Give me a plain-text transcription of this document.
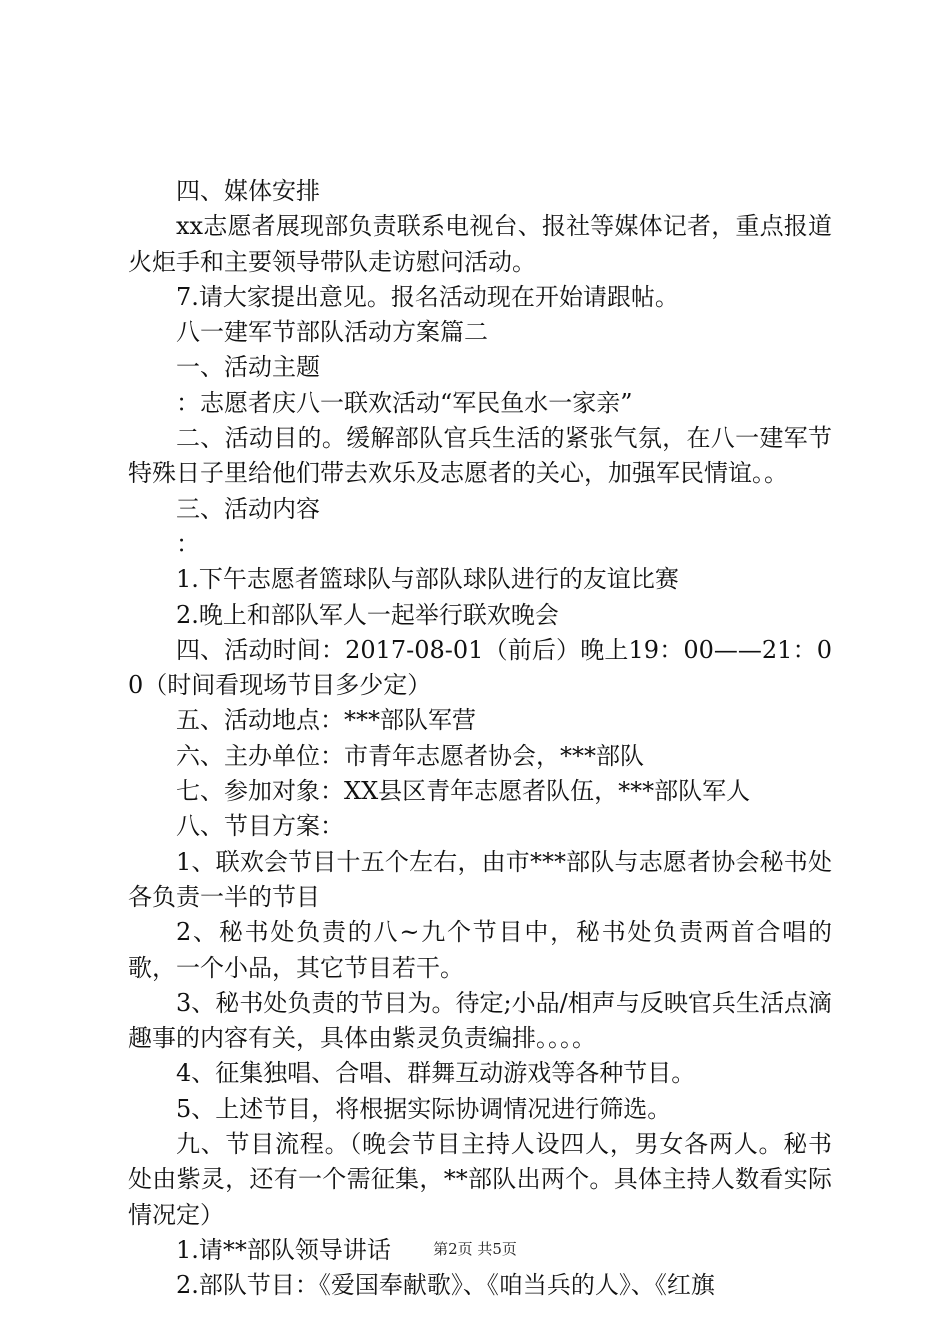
四、媒体安排

xx志愿者展现部负责联系电视台、报社等媒体记者，重点报道火炬手和主要领导带队走访慰问活动。

7.请大家提出意见。报名活动现在开始请跟帖。

八一建军节部队活动方案篇二

一、活动主题

：志愿者庆八一联欢活动“军民鱼水一家亲”

二、活动目的。缓解部队官兵生活的紧张气氛，在八一建军节特殊日子里给他们带去欢乐及志愿者的关心，加强军民情谊。。

三、活动内容

：

1.下午志愿者篮球队与部队球队进行的友谊比赛

2.晚上和部队军人一起举行联欢晚会

四、活动时间：2017-08-01（前后）晚上19：00——21：00（时间看现场节目多少定）

五、活动地点：***部队军营

六、主办单位：市青年志愿者协会，***部队

七、参加对象：XX县区青年志愿者队伍，***部队军人

八、节目方案：

1、联欢会节目十五个左右，由市***部队与志愿者协会秘书处各负责一半的节目

2、秘书处负责的八~九个节目中，秘书处负责两首合唱的歌，一个小品，其它节目若干。

3、秘书处负责的节目为。待定;小品/相声与反映官兵生活点滴趣事的内容有关，具体由紫灵负责编排。。。。

4、征集独唱、合唱、群舞互动游戏等各种节目。

5、上述节目，将根据实际协调情况进行筛选。

九、节目流程。（晚会节目主持人设四人，男女各两人。秘书处由紫灵，还有一个需征集，**部队出两个。具体主持人数看实际情况定）

1.请**部队领导讲话

2.部队节目：《爱国奉献歌》、《咱当兵的人》、《红旗

第2页 共5页
